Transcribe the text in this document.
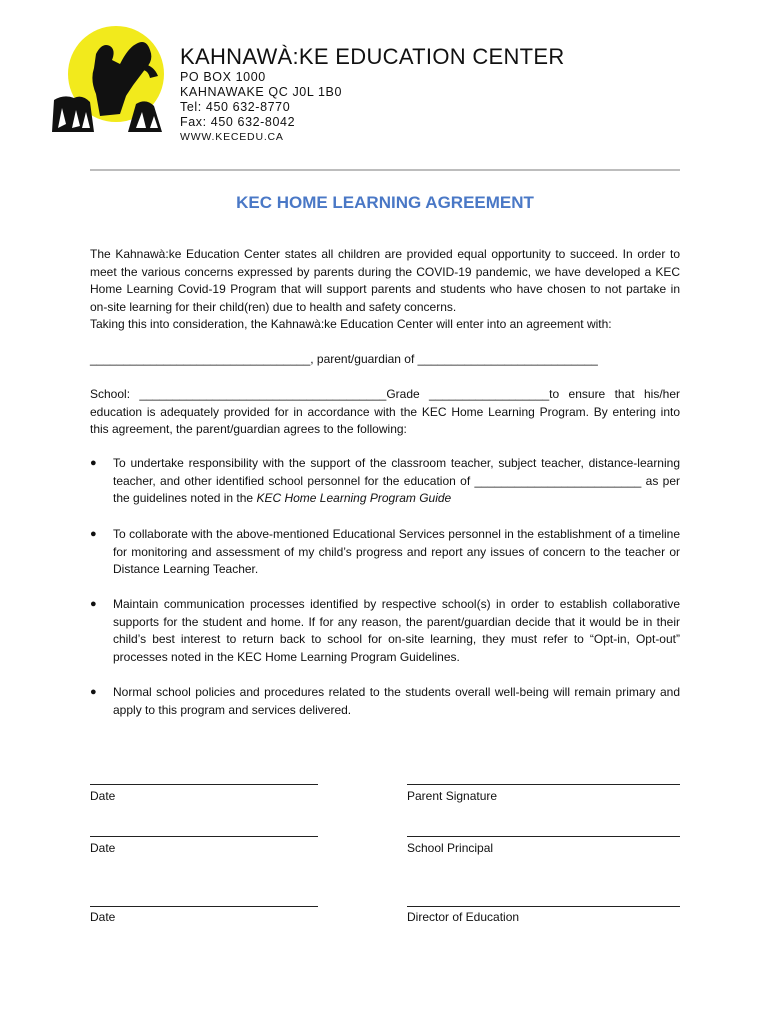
KAHNAWÀ:KE EDUCATION CENTER
PO BOX 1000
KAHNAWAKE QC J0L 1B0
Tel: 450 632-8770
Fax: 450 632-8042
WWW.KECEDU.CA
KEC HOME LEARNING AGREEMENT
The Kahnawà:ke Education Center states all children are provided equal opportunity to succeed. In order to meet the various concerns expressed by parents during the COVID-19 pandemic, we have developed a KEC Home Learning Covid-19 Program that will support parents and students who have chosen to not partake in on-site learning for their child(ren) due to health and safety concerns.
Taking this into consideration, the Kahnawà:ke Education Center will enter into an agreement with:
_________________________________, parent/guardian of ___________________________
School: _____________________________________Grade __________________to ensure that his/her education is adequately provided for in accordance with the KEC Home Learning Program. By entering into this agreement, the parent/guardian agrees to the following:
● To undertake responsibility with the support of the classroom teacher, subject teacher, distance-learning teacher, and other identified school personnel for the education of _________________________ as per the guidelines noted in the KEC Home Learning Program Guide
● To collaborate with the above-mentioned Educational Services personnel in the establishment of a timeline for monitoring and assessment of my child’s progress and report any issues of concern to the teacher or Distance Learning Teacher.
● Maintain communication processes identified by respective school(s) in order to establish collaborative supports for the student and home. If for any reason, the parent/guardian decide that it would be in their child’s best interest to return back to school for on-site learning, they must refer to “Opt-in, Opt-out” processes noted in the KEC Home Learning Program Guidelines.
● Normal school policies and procedures related to the students overall well-being will remain primary and apply to this program and services delivered.
Date	Parent Signature
Date	School Principal
Date	Director of Education
